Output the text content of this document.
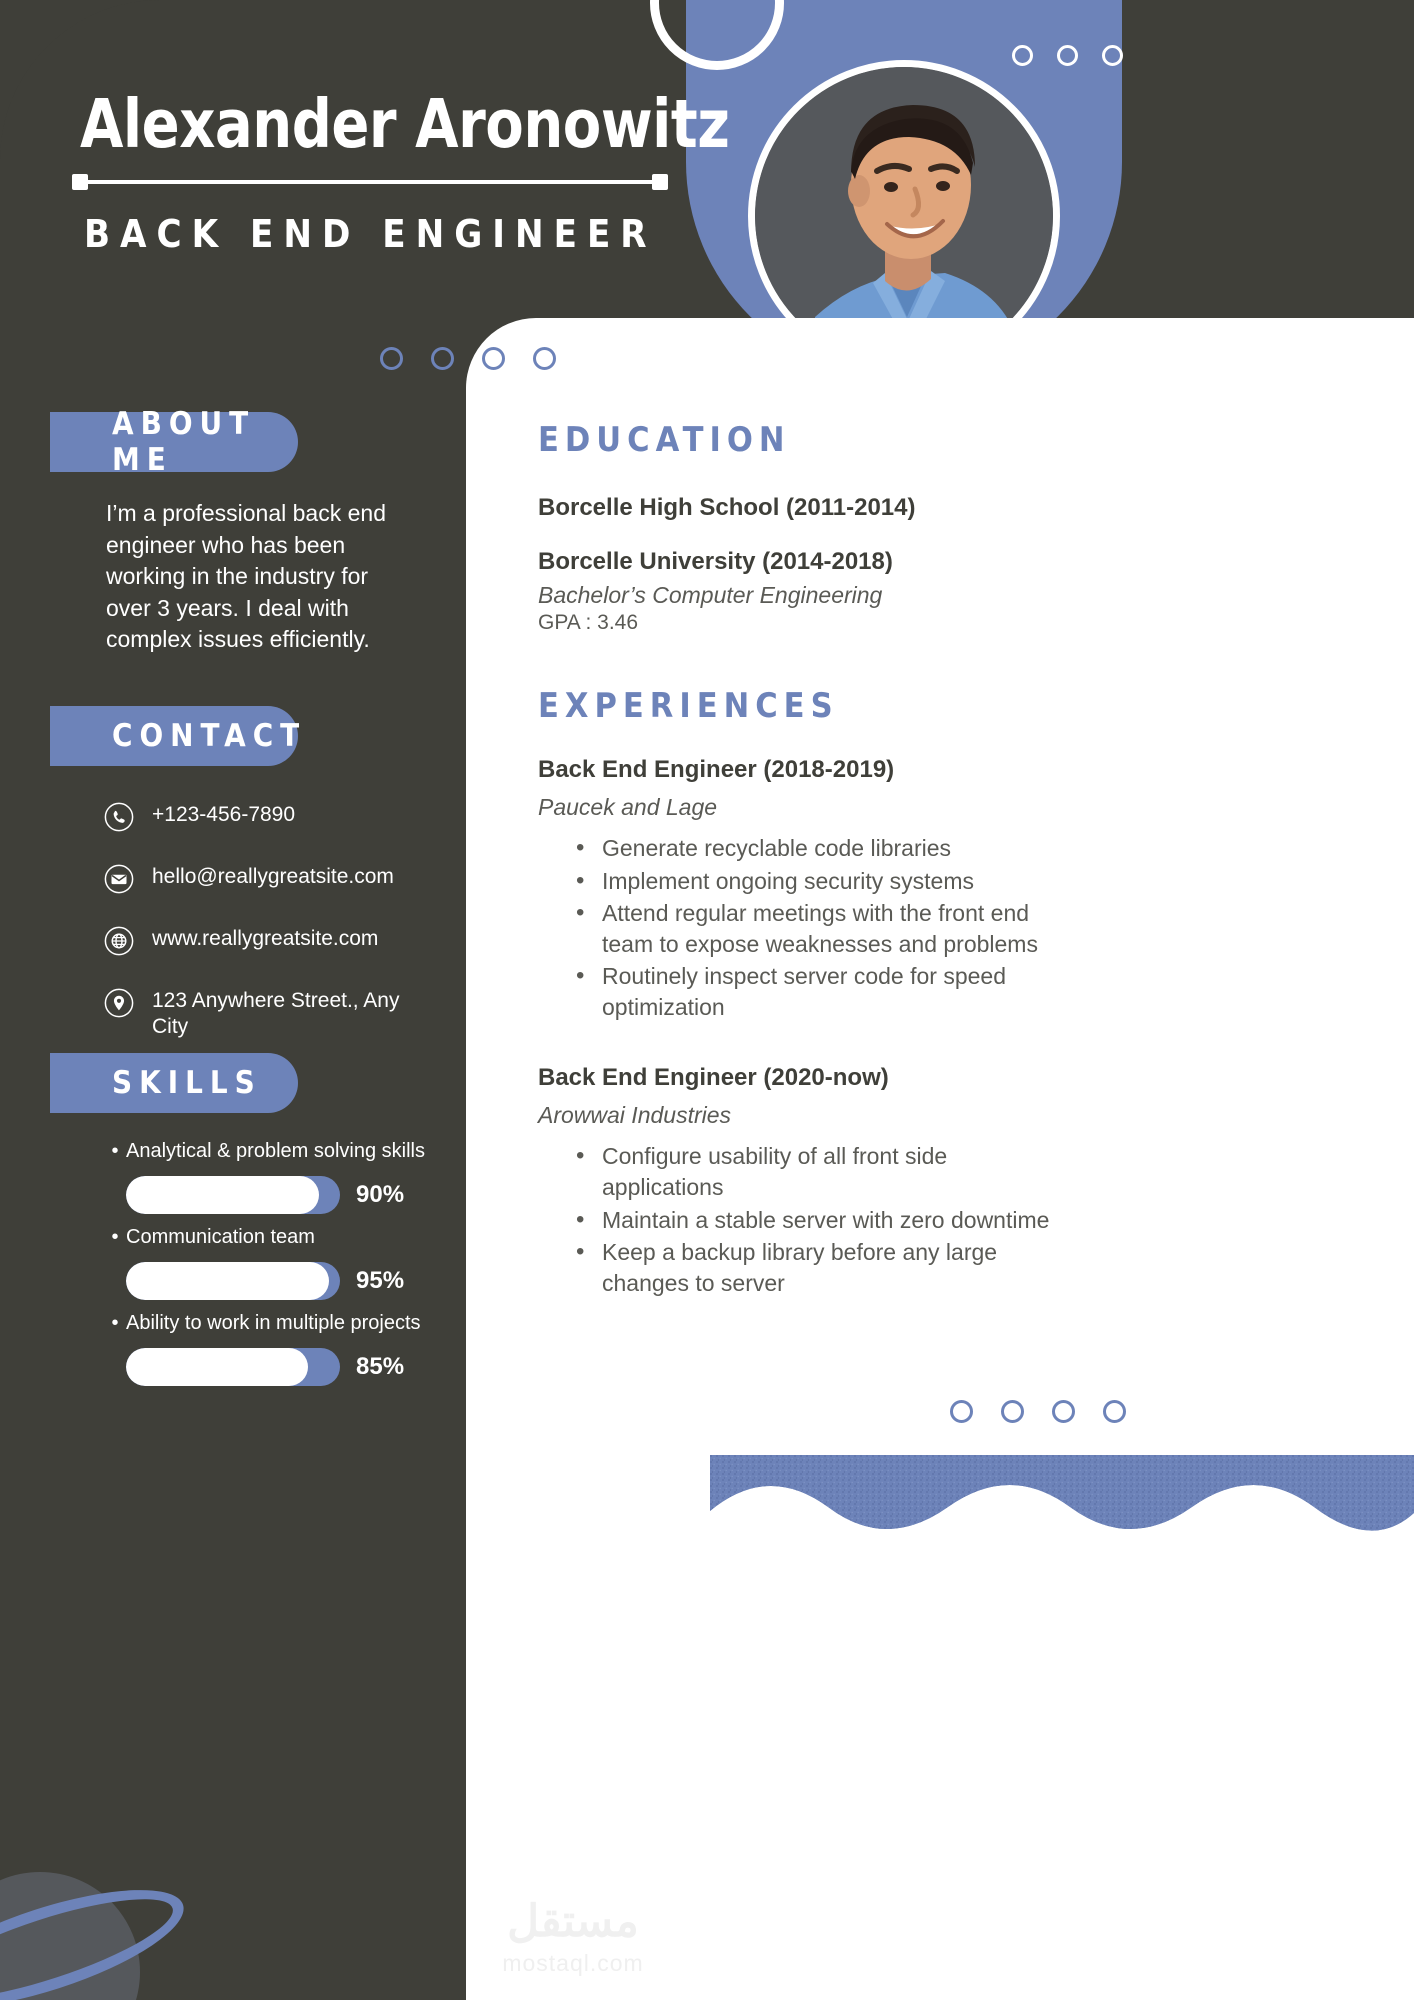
Alexander Aronowitz
BACK END ENGINEER
ABOUT ME
I’m a professional back end engineer who has been working in the industry for over 3 years. I deal with complex issues efficiently.
CONTACT
+123-456-7890
hello@reallygreatsite.com
www.reallygreatsite.com
123 Anywhere Street., Any City
SKILLS
• Analytical & problem solving skills
90%
• Communication team
95%
• Ability to work in multiple projects
85%
EDUCATION
Borcelle High School (2011-2014)
Borcelle University (2014-2018)
Bachelor’s Computer Engineering
GPA : 3.46
EXPERIENCES
Back End Engineer (2018-2019)
Paucek and Lage
• Generate recyclable code libraries
• Implement ongoing security systems
• Attend regular meetings with the front end team to expose weaknesses and problems
• Routinely inspect server code for speed optimization
Back End Engineer (2020-now)
Arowwai Industries
• Configure usability of all front side applications
• Maintain a stable server with zero downtime
• Keep a backup library before any large changes to server
مستقل
mostaql.com
